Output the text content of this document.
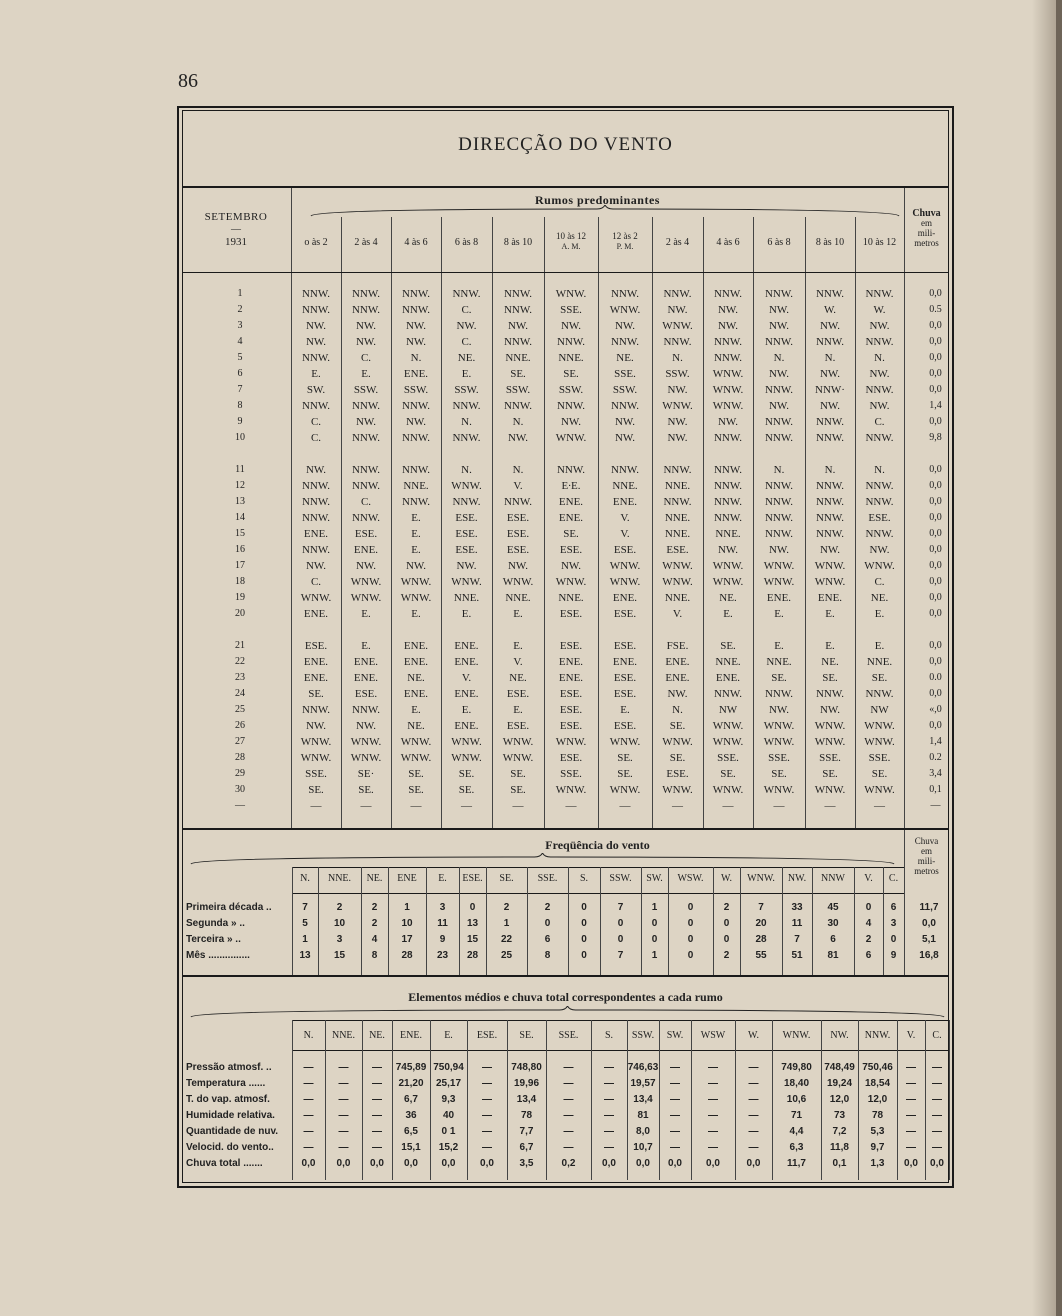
86
DIRECÇÃO DO VENTO
SETEMBRO
—
1931
Rumos predominantes
Chuva
em
mili-
metros
o às 2	2 às 4	4 às 6	6 às 8	8 às 10
10 às 12
A. M.
12 às 2
P. M.	2 às 4	4 às 6	6 às 8	8 às 10	10 às 12
1	NNW.	NNW.	NNW.	NNW.	NNW.	WNW.	NNW.	NNW.	NNW.	NNW.	NNW.	NNW.	0,0
2	NNW.	NNW.	NNW.	C.	NNW.	SSE.	WNW.	NW.	NW.	NW.	W.	W.	0.5
3	NW.	NW.	NW.	NW.	NW.	NW.	NW.	WNW.	NW.	NW.	NW.	NW.	0,0
4	NW.	NW.	NW.	C.	NNW.	NNW.	NNW.	NNW.	NNW.	NNW.	NNW.	NNW.	0,0
5	NNW.	C.	N.	NE.	NNE.	NNE.	NE.	N.	NNW.	N.	N.	N.	0,0
6	E.	E.	ENE.	E.	SE.	SE.	SSE.	SSW.	WNW.	NW.	NW.	NW.	0,0
7	SW.	SSW.	SSW.	SSW.	SSW.	SSW.	SSW.	NW.	WNW.	NNW.	NNW·	NNW.	0,0
8	NNW.	NNW.	NNW.	NNW.	NNW.	NNW.	NNW.	WNW.	WNW.	NW.	NW.	NW.	1,4
9	C.	NW.	NW.	N.	N.	NW.	NW.	NW.	NW.	NNW.	NNW.	C.	0,0
10	C.	NNW.	NNW.	NNW.	NW.	WNW.	NW.	NW.	NNW.	NNW.	NNW.	NNW.	9,8
11	NW.	NNW.	NNW.	N.	N.	NNW.	NNW.	NNW.	NNW.	N.	N.	N.	0,0
12	NNW.	NNW.	NNE.	WNW.	V.	E∙E.	NNE.	NNE.	NNW.	NNW.	NNW.	NNW.	0,0
13	NNW.	C.	NNW.	NNW.	NNW.	ENE.	ENE.	NNW.	NNW.	NNW.	NNW.	NNW.	0,0
14	NNW.	NNW.	E.	ESE.	ESE.	ENE.	V.	NNE.	NNW.	NNW.	NNW.	ESE.	0,0
15	ENE.	ESE.	E.	ESE.	ESE.	SE.	V.	NNE.	NNE.	NNW.	NNW.	NNW.	0,0
16	NNW.	ENE.	E.	ESE.	ESE.	ESE.	ESE.	ESE.	NW.	NW.	NW.	NW.	0,0
17	NW.	NW.	NW.	NW.	NW.	NW.	WNW.	WNW.	WNW.	WNW.	WNW.	WNW.	0,0
18	C.	WNW.	WNW.	WNW.	WNW.	WNW.	WNW.	WNW.	WNW.	WNW.	WNW.	C.	0,0
19	WNW.	WNW.	WNW.	NNE.	NNE.	NNE.	ENE.	NNE.	NE.	ENE.	ENE.	NE.	0,0
20	ENE.	E.	E.	E.	E.	ESE.	ESE.	V.	E.	E.	E.	E.	0,0
21	ESE.	E.	ENE.	ENE.	E.	ESE.	ESE.	FSE.	SE.	E.	E.	E.	0,0
22	ENE.	ENE.	ENE.	ENE.	V.	ENE.	ENE.	ENE.	NNE.	NNE.	NE.	NNE.	0,0
23	ENE.	ENE.	NE.	V.	NE.	ENE.	ESE.	ENE.	ENE.	SE.	SE.	SE.	0.0
24	SE.	ESE.	ENE.	ENE.	ESE.	ESE.	ESE.	NW.	NNW.	NNW.	NNW.	NNW.	0,0
25	NNW.	NNW.	E.	E.	E.	ESE.	E.	N.	NW	NW.	NW.	NW	«,0
26	NW.	NW.	NE.	ENE.	ESE.	ESE.	ESE.	SE.	WNW.	WNW.	WNW.	WNW.	0,0
27	WNW.	WNW.	WNW.	WNW.	WNW.	WNW.	WNW.	WNW.	WNW.	WNW.	WNW.	WNW.	1,4
28	WNW.	WNW.	WNW.	WNW.	WNW.	ESE.	SE.	SE.	SSE.	SSE.	SSE.	SSE.	0.2
29	SSE.	SE·	SE.	SE.	SE.	SSE.	SE.	ESE.	SE.	SE.	SE.	SE.	3,4
30	SE.	SE.	SE.	SE.	SE.	WNW.	WNW.	WNW.	WNW.	WNW.	WNW.	WNW.	0,1
—	—	—	—	—	—	—	—	—	—	—	—	—	—
Freqüência do vento	Chuva
em
mili-
metros
N.	NNE.	NE.	ENE	E.	ESE.	SE.	SSE.	S.	SSW.	SW.	WSW.	W.	WNW.	NW.	NNW	V.	C.
Primeira década ..	7	2	2	1	3	0	2	2	0	7	1	0	2	7	33	45	0	6	11,7
Segunda » ..	5	10	2	10	11	13	1	0	0	0	0	0	0	20	11	30	4	3	0,0
Terceira » ..	1	3	4	17	9	15	22	6	0	0	0	0	0	28	7	6	2	0	5,1
Mês ...............	13	15	8	28	23	28	25	8	0	7	1	0	2	55	51	81	6	9	16,8
Elementos médios e chuva total correspondentes a cada rumo
N.	NNE.	NE.	ENE.	E.	ESE.	SE.	SSE.	S.	SSW.	SW.	WSW	W.	WNW.	NW.	NNW.	V.	C.
Pressão atmosf. ..	—	—	—	745,89 750,94	—	748,80	—	—	746,63	—	—	—	749,80	748,49 750,46	—	—
Temperatura ......	—	—	—	21,20	25,17	—	19,96	—	—	19,57	—	—	—	18,40	19,24	18,54	—	—
T. do vap. atmosf.	—	—	—	6,7	9,3	—	13,4	—	—	13,4	—	—	—	10,6	12,0	12,0	—	—
Humidade relativa.	—	—	—	36	40	—	78	—	—	81	—	—	—	71	73	78	—	—
Quantidade de nuv.	—	—	—	6,5	0 1	—	7,7	—	—	8,0	—	—	—	4,4	7,2	5,3	—	—
Velocid. do vento..	—	—	—	15,1	15,2	—	6,7	—	—	10,7	—	—	—	6,3	11,8	9,7	—	—
Chuva total .......	0,0	0,0	0,0	0,0	0,0	0,0	3,5	0,2	0,0	0,0	0,0	0,0	0,0	11,7	0,1	1,3	0,0	0,0
